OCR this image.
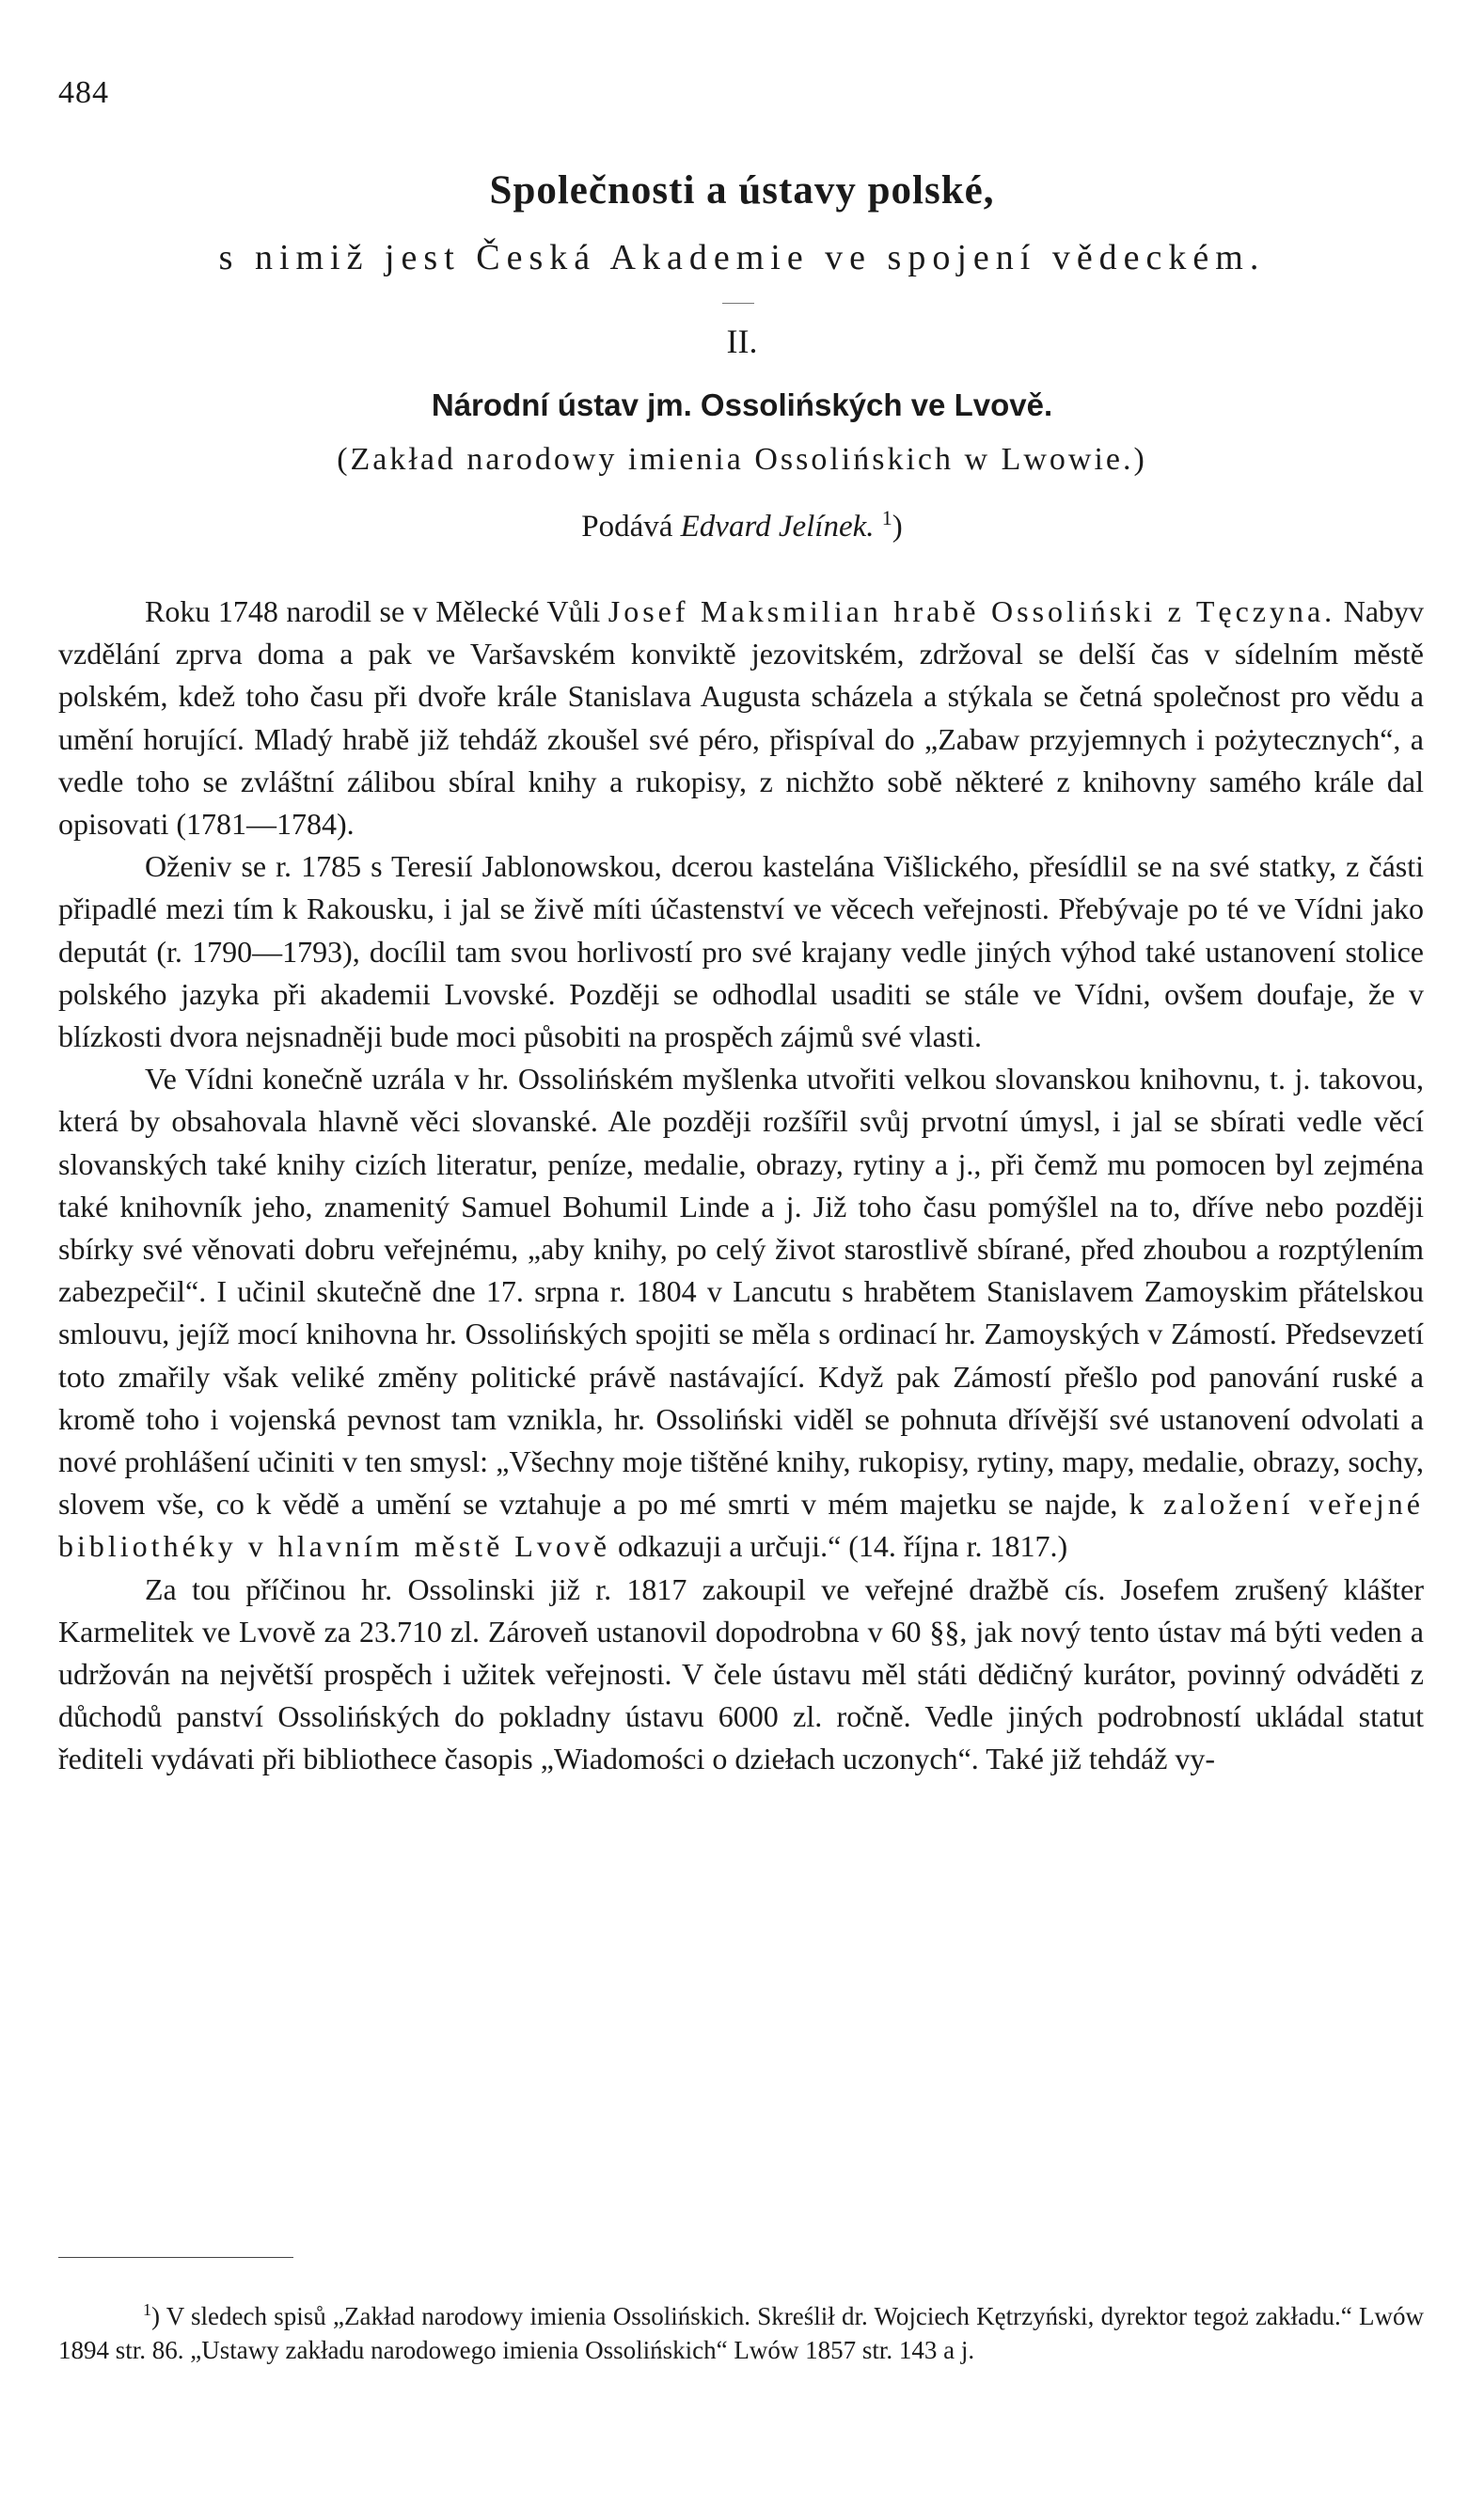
484
Společnosti a ústavy polské,
s nimiž jest Česká Akademie ve spojení vědeckém.
II.
Národní ústav jm. Ossolińských ve Lvově.
(Zakład narodowy imienia Ossolińskich w Lwowie.)
Podává Edvard Jelínek. $^1$)

Roku 1748 narodil se v Mělecké Vůli Josef Maksmilian hrabě Ossoliński z Tęczyna. Nabyv vzdělání zprva doma a pak ve Varšavském konviktě jezovitském, zdržoval se delší čas v sídelním městě polském, kdež toho času při dvoře krále Stanislava Augusta scházela a stýkala se četná společnost pro vědu a umění horující. Mladý hrabě již tehdáž zkoušel své péro, přispíval do „Zabaw przyjemnych i pożytecznych“, a vedle toho se zvláštní zálibou sbíral knihy a rukopisy, z nichžto sobě některé z knihovny samého krále dal opisovati (1781—1784).

Oženiv se r. 1785 s Teresií Jablonowskou, dcerou kastelána Višlického, přesídlil se na své statky, z části připadlé mezi tím k Rakousku, i jal se živě míti účastenství ve věcech veřejnosti. Přebývaje po té ve Vídni jako deputát (r. 1790—1793), docílil tam svou horlivostí pro své krajany vedle jiných výhod také ustanovení stolice polského jazyka při akademii Lvovské. Později se odhodlal usaditi se stále ve Vídni, ovšem doufaje, že v blízkosti dvora nejsnadněji bude moci působiti na prospěch zájmů své vlasti.

Ve Vídni konečně uzrála v hr. Ossolińském myšlenka utvořiti velkou slovanskou knihovnu, t. j. takovou, která by obsahovala hlavně věci slovanské. Ale později rozšířil svůj prvotní úmysl, i jal se sbírati vedle věcí slovanských také knihy cizích literatur, peníze, medalie, obrazy, rytiny a j., při čemž mu pomocen byl zejména také knihovník jeho, znamenitý Samuel Bohumil Linde a j. Již toho času pomýšlel na to, dříve nebo později sbírky své věnovati dobru veřejnému, „aby knihy, po celý život starostlivě sbírané, před zhoubou a rozptýlením zabezpečil“. I učinil skutečně dne 17. srpna r. 1804 v Lancutu s hrabětem Stanislavem Zamoyskim přátelskou smlouvu, jejíž mocí knihovna hr. Ossolińských spojiti se měla s ordinací hr. Zamoyských v Zámostí. Předsevzetí toto zmařily však veliké změny politické právě nastávající. Když pak Zámostí přešlo pod panování ruské a kromě toho i vojenská pevnost tam vznikla, hr. Ossoliński viděl se pohnuta dřívější své ustanovení odvolati a nové prohlášení učiniti v ten smysl: „Všechny moje tištěné knihy, rukopisy, rytiny, mapy, medalie, obrazy, sochy, slovem vše, co k vědě a umění se vztahuje a po mé smrti v mém majetku se najde, k založení veřejné bibliothéky v hlavním městě Lvově odkazuji a určuji.“ (14. října r. 1817.)

Za tou příčinou hr. Ossolinski již r. 1817 zakoupil ve veřejné dražbě cís. Josefem zrušený klášter Karmelitek ve Lvově za 23.710 zl. Zároveň ustanovil dopodrobna v 60 §§, jak nový tento ústav má býti veden a udržován na největší prospěch i užitek veřejnosti. V čele ústavu měl státi dědičný kurátor, povinný odváděti z důchodů panství Ossolińských do pokladny ústavu 6000 zl. ročně. Vedle jiných podrobností ukládal statut řediteli vydávati při bibliothece časopis „Wiadomości o dziełach uczonych“. Také již tehdáž vy-

$^1$) V sledech spisů „Zakład narodowy imienia Ossolińskich. Skreślił dr. Wojciech Kętrzyński, dyrektor tegoż zakładu.“ Lwów 1894 str. 86. „Ustawy zakładu narodowego imienia Ossolińskich“ Lwów 1857 str. 143 a j.
